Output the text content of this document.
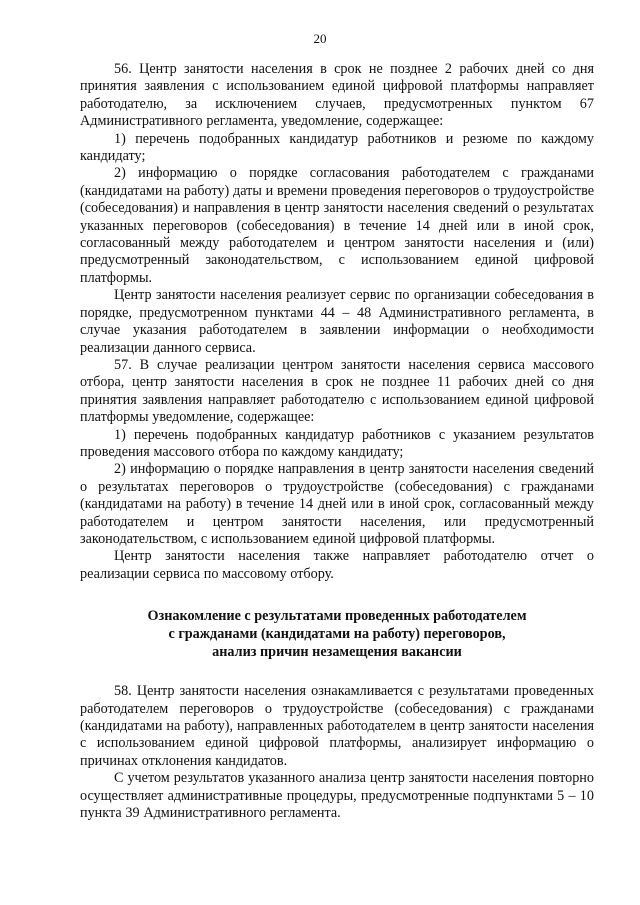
20

56. Центр занятости населения в срок не позднее 2 рабочих дней со дня принятия заявления с использованием единой цифровой платформы направляет работодателю, за исключением случаев, предусмотренных пунктом 67 Административного регламента, уведомление, содержащее:

1) перечень подобранных кандидатур работников и резюме по каждому кандидату;

2) информацию о порядке согласования работодателем с гражданами (кандидатами на работу) даты и времени проведения переговоров о трудоустройстве (собеседования) и направления в центр занятости населения сведений о результатах указанных переговоров (собеседования) в течение 14 дней или в иной срок, согласованный между работодателем и центром занятости населения и (или) предусмотренный законодательством, с использованием единой цифровой платформы.

Центр занятости населения реализует сервис по организации собеседования в порядке, предусмотренном пунктами 44 – 48 Административного регламента, в случае указания работодателем в заявлении информации о необходимости реализации данного сервиса.

57. В случае реализации центром занятости населения сервиса массового отбора, центр занятости населения в срок не позднее 11 рабочих дней со дня принятия заявления направляет работодателю с использованием единой цифровой платформы уведомление, содержащее:

1) перечень подобранных кандидатур работников с указанием результатов проведения массового отбора по каждому кандидату;

2) информацию о порядке направления в центр занятости населения сведений о результатах переговоров о трудоустройстве (собеседования) с гражданами (кандидатами на работу) в течение 14 дней или в иной срок, согласованный между работодателем и центром занятости населения, или предусмотренный законодательством, с использованием единой цифровой платформы.

Центр занятости населения также направляет работодателю отчет о реализации сервиса по массовому отбору.

Ознакомление с результатами проведенных работодателем
с гражданами (кандидатами на работу) переговоров,
анализ причин незамещения вакансии

58. Центр занятости населения ознакамливается с результатами проведенных работодателем переговоров о трудоустройстве (собеседования) с гражданами (кандидатами на работу), направленных работодателем в центр занятости населения с использованием единой цифровой платформы, анализирует информацию о причинах отклонения кандидатов.

С учетом результатов указанного анализа центр занятости населения повторно осуществляет административные процедуры, предусмотренные подпунктами 5 – 10 пункта 39 Административного регламента.
